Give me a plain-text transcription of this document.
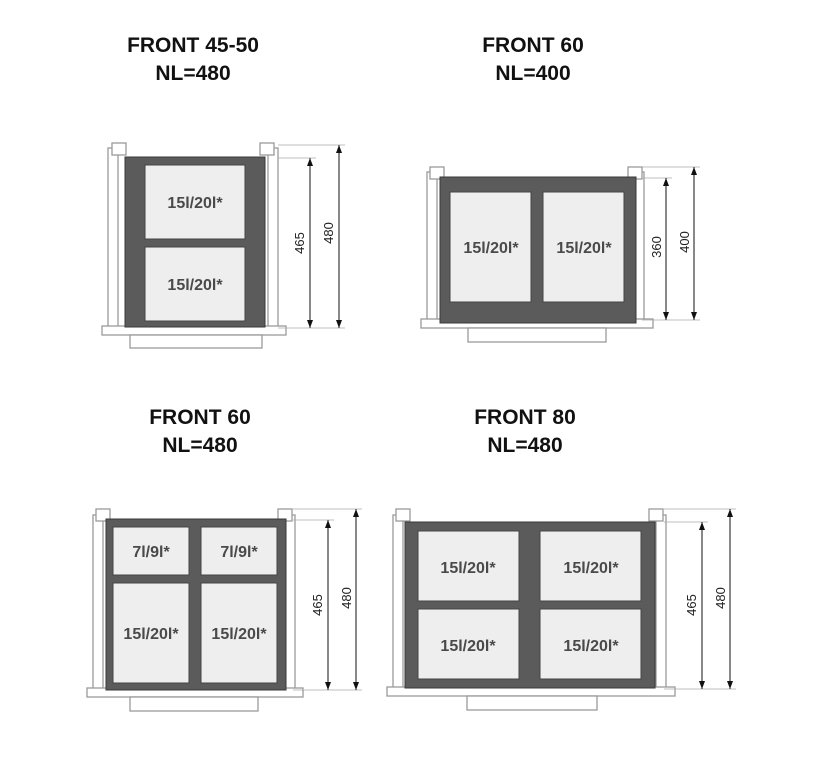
FRONT 45-50
NL=480
15l/20l*
15l/20l*
465 480
FRONT 60
NL=400
15l/20l* 15l/20l*	360 400
FRONT 60
NL=480
7l/9l*	7l/9l*
15l/20l* 15l/20l*
465 480
FRONT 80
NL=480
15l/20l*	15l/20l*
15l/20l*	15l/20l*
465 480
